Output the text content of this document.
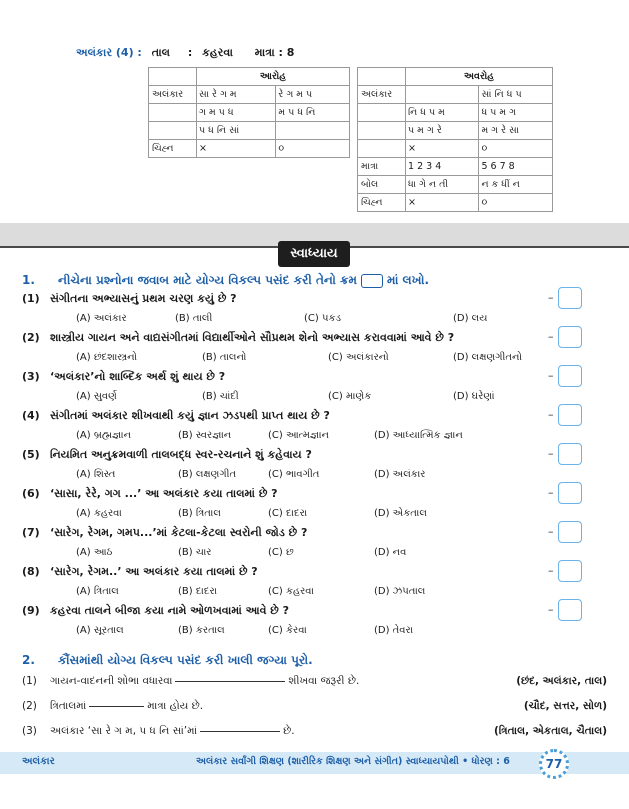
અલંકાર (4) : તાલ : કહરવા માત્રા : 8
	આરોહ	
અલંકાર	સા રે ગ મ	રે ગ મ પ
	ગ મ પ ધ	મ પ ધ નિ
	પ ધ નિ સાં	
ચિહ્ન	×	૦
	અવરોહ	
અલંકાર		સાં નિ ધ પ
	નિ ધ પ મ	ધ પ મ ગ
	પ મ ગ રે	મ ગ રે સા
	×	૦
માત્રા	1 2 3 4	5 6 7 8
બોલ	ધા ગે ન તી	ન ક ધીં ન
ચિહ્ન	×	૦
સ્વાધ્યાય
1. નીચેના પ્રશ્નોના જવાબ માટે યોગ્ય વિકલ્પ પસંદ કરી તેનો ક્રમ	માં લખો.
(1) સંગીતના અભ્યાસનું પ્રથમ ચરણ કયું છે ?
(A) અલંકાર	(B) તાલી	(C) પકડ	(D) લય
(2) શાસ્ત્રીય ગાયન અને વાદ્યસંગીતમાં વિદ્યાર્થીઓને સૌપ્રથમ શેનો અભ્યાસ કરાવવામાં આવે છે ?
(A) છંદશાસ્ત્રનો	(B) તાલનો	(C) અલંકારનો	(D) લક્ષણગીતનો
(3) ‘અલંકાર’નો શાબ્દિક અર્થ શું થાય છે ?
(A) સુવર્ણ	(B) ચાંદી	(C) માણેક	(D) ઘરેણાં
(4) સંગીતમાં અલંકાર શીખવાથી કયું જ્ઞાન ઝડપથી પ્રાપ્ત થાય છે ?
(A) બ્રહ્મજ્ઞાન	(B) સ્વરજ્ઞાન	(C) આત્મજ્ઞાન	(D) આધ્યાત્મિક જ્ઞાન
(5) નિયમિત અનુક્રમવાળી તાલબદ્ધ સ્વર-રચનાને શું કહેવાય ?
(A) શિસ્ત	(B) લક્ષણગીત	(C) ભાવગીત	(D) અલંકાર
(6) ‘સાસા, રેરે, ગગ ...’ આ અલંકાર કયા તાલમાં છે ?
(A) કહરવા	(B) ત્રિતાલ	(C) દાદરા	(D) એકતાલ
(7) ‘સારેગ, રેગમ, ગમપ...’માં કેટલા-કેટલા સ્વરોની જોડ છે ?
(A) આઠ	(B) ચાર	(C) છ	(D) નવ
(8) ‘સારેગ, રેગમ..’ આ અલંકાર કયા તાલમાં છે ?
(A) ત્રિતાલ	(B) દાદરા	(C) કહરવા	(D) ઝપતાલ
(9) કહરવા તાલને બીજા કયા નામે ઓળખવામાં આવે છે ?
(A) સૂરતાલ	(B) કરતાલ	(C) કેરવા	(D) તેવરા
–
–
–
–
–
–
–
–
–
2. કૌંસમાંથી યોગ્ય વિકલ્પ પસંદ કરી ખાલી જગ્યા પૂરો.
(1) ગાયન-વાદનની શોભા વધારવા	શીખવા જરૂરી છે.	(છંદ, અલંકાર, તાલ)
(2) ત્રિતાલમાં	માત્રા હોય છે.	(ચૌદ, સત્તર, સોળ)
(3) અલંકાર ‘સા રે ગ મ, પ ધ નિ સાં’માં	છે.	(ત્રિતાલ, એકતાલ, ચૈતાલ)
અલંકાર	અલંકાર સર્વાંગી શિક્ષણ (શારીરિક શિક્ષણ અને સંગીત) સ્વાધ્યાયપોથી • ધોરણ : 6	77
